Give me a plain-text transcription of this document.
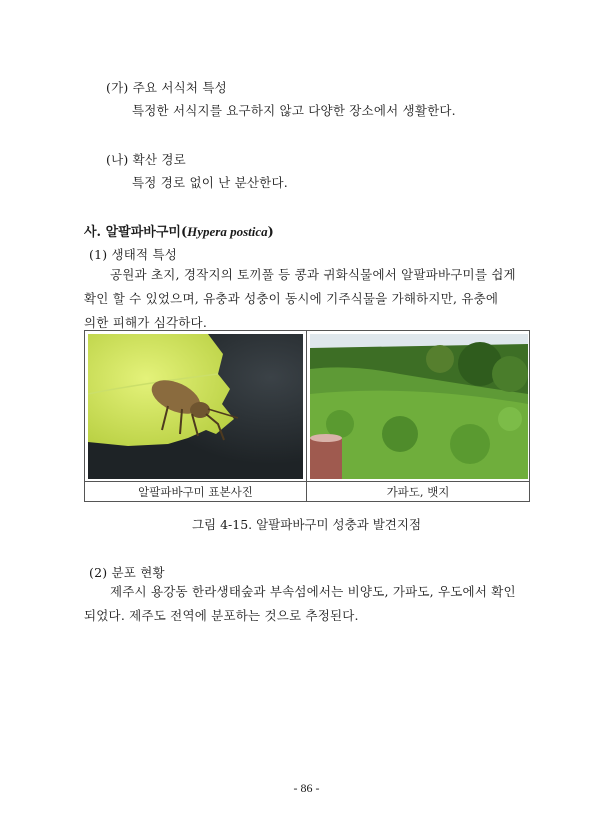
(가) 주요 서식처 특성
특정한 서식지를 요구하지 않고 다양한 장소에서 생활한다.
(나) 확산 경로
특정 경로 없이 난 분산한다.
사. 알팔파바구미(Hypera postica)
(1) 생태적 특성
공원과 초지, 경작지의 토끼풀 등 콩과 귀화식물에서 알팔파바구미를 쉽게
확인 할 수 있었으며, 유충과 성충이 동시에 기주식물을 가해하지만, 유충에
의한 피해가 심각하다.
알팔파바구미 표본사진	가파도, 뱃지
그림 4-15. 알팔파바구미 성충과 발견지점
(2) 분포 현황
제주시 용강동 한라생태숲과 부속섬에서는 비양도, 가파도, 우도에서 확인
되었다. 제주도 전역에 분포하는 것으로 추정된다.
- 86 -
